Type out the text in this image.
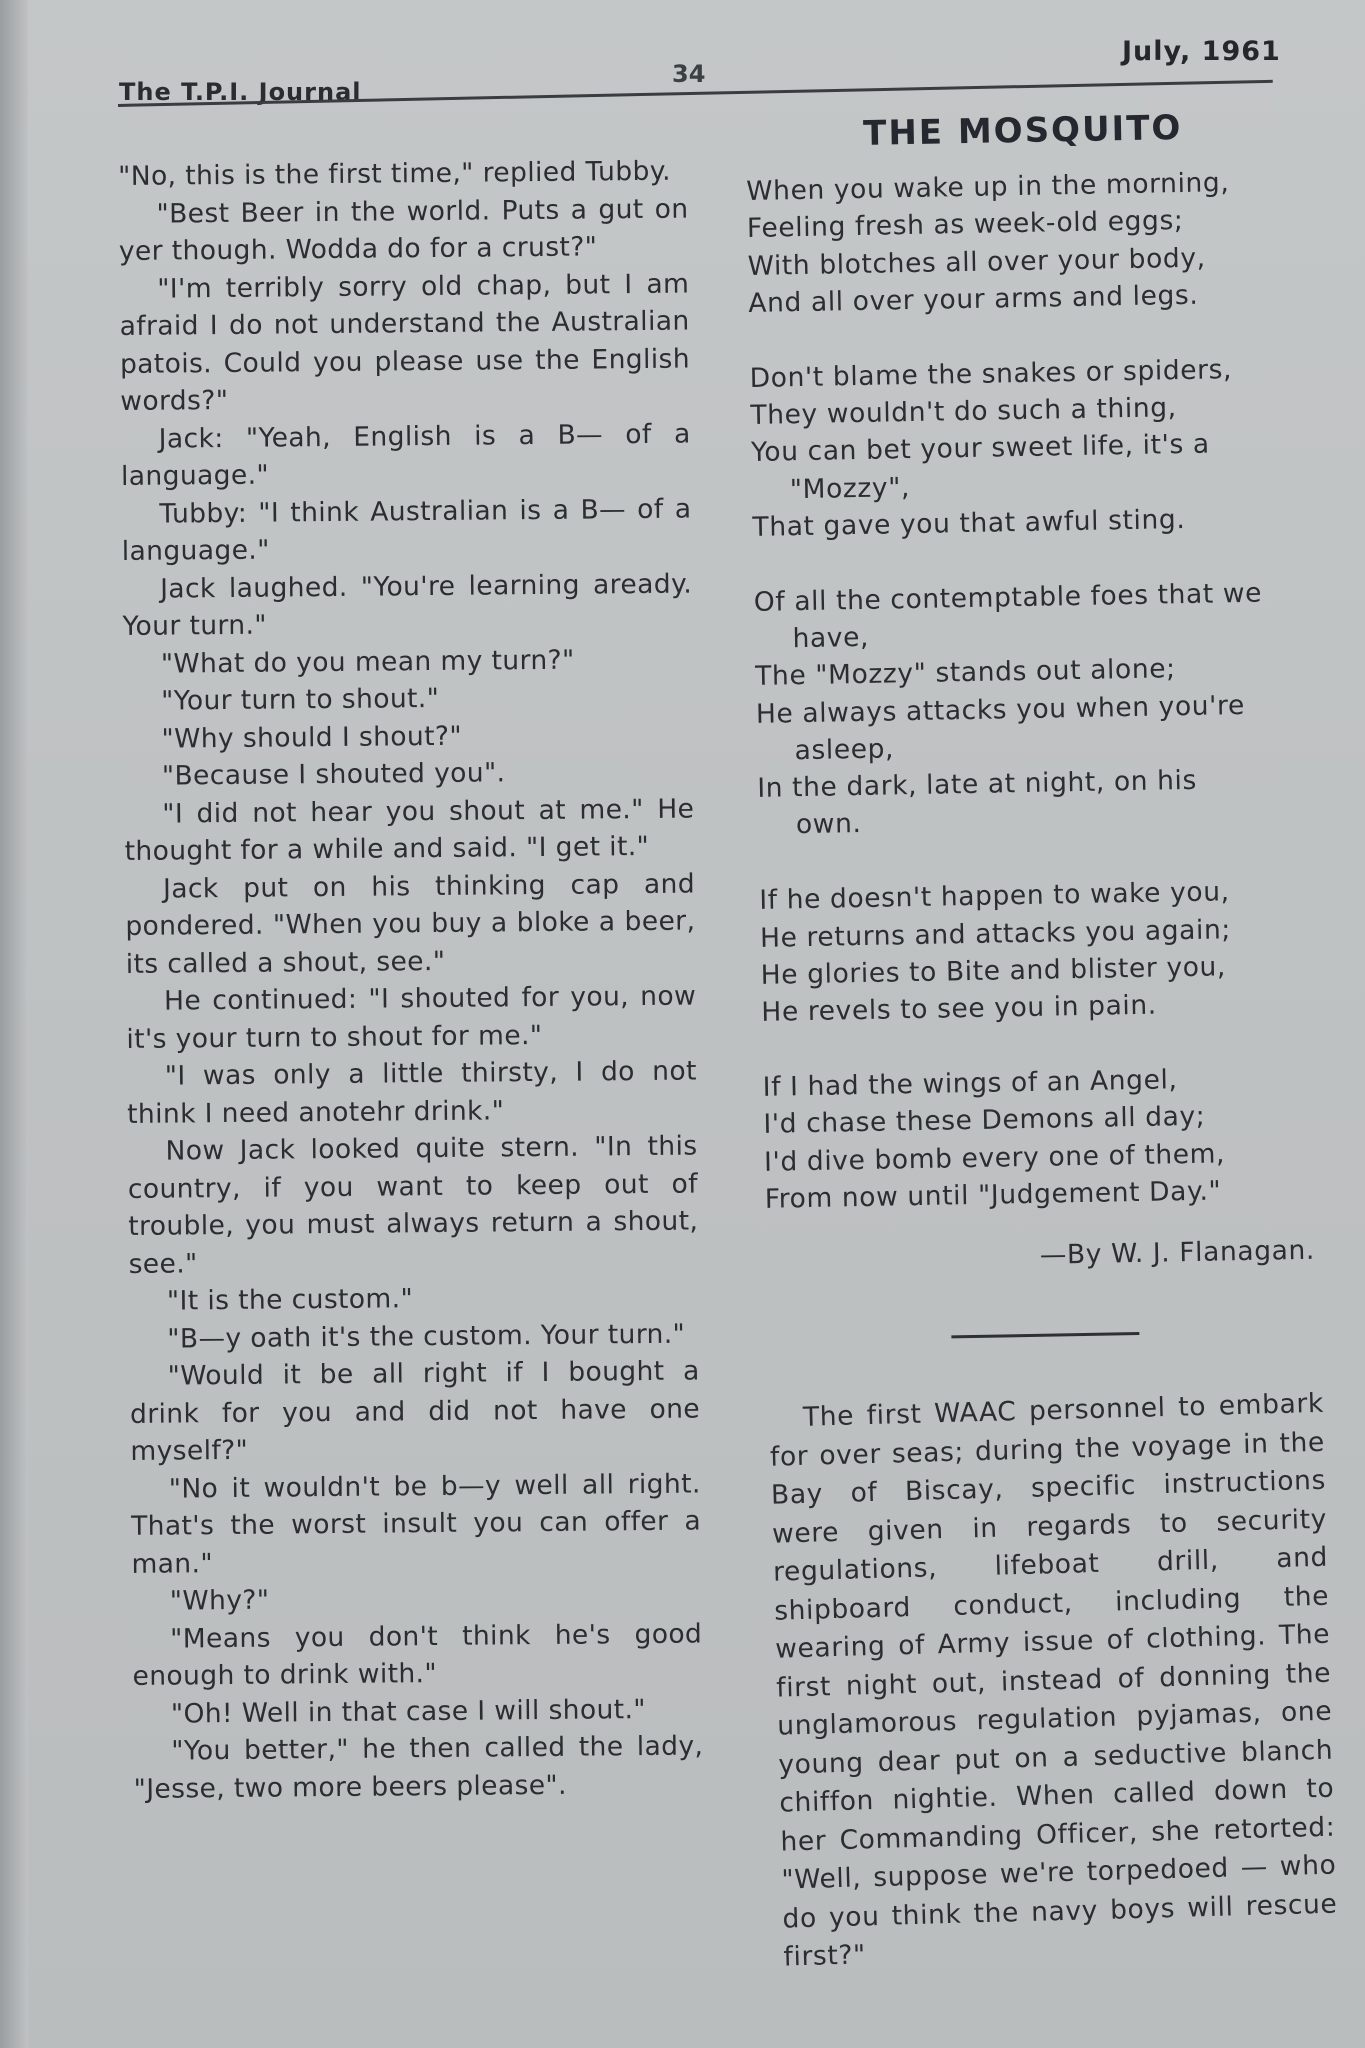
The T.P.I. Journal
34
July, 1961

"No, this is the first time," replied Tubby.

"Best Beer in the world. Puts a gut on yer though. Wodda do for a crust?"

"I'm terribly sorry old chap, but I am afraid I do not understand the Australian patois. Could you please use the English words?"

Jack: "Yeah, English is a B— of a language."

Tubby: "I think Australian is a B— of a language."

Jack laughed. "You're learning aready. Your turn."

"What do you mean my turn?"

"Your turn to shout."

"Why should I shout?"

"Because I shouted you".

"I did not hear you shout at me." He thought for a while and said. "I get it."

Jack put on his thinking cap and pondered. "When you buy a bloke a beer, its called a shout, see."

He continued: "I shouted for you, now it's your turn to shout for me."

"I was only a little thirsty, I do not think I need anotehr drink."

Now Jack looked quite stern. "In this country, if you want to keep out of trouble, you must always return a shout, see."

"It is the custom."

"B—y oath it's the custom. Your turn."

"Would it be all right if I bought a drink for you and did not have one myself?"

"No it wouldn't be b—y well all right. That's the worst insult you can offer a man."

"Why?"

"Means you don't think he's good enough to drink with."

"Oh! Well in that case I will shout."

"You better," he then called the lady, "Jesse, two more beers please".

THE MOSQUITO
When you wake up in the morning,
Feeling fresh as week-old eggs;
With blotches all over your body,
And all over your arms and legs.
Don't blame the snakes or spiders,
They wouldn't do such a thing,
You can bet your sweet life, it's a
"Mozzy",
That gave you that awful sting.
Of all the contemptable foes that we
have,
The "Mozzy" stands out alone;
He always attacks you when you're
asleep,
In the dark, late at night, on his
own.
If he doesn't happen to wake you,
He returns and attacks you again;
He glories to Bite and blister you,
He revels to see you in pain.
If I had the wings of an Angel,
I'd chase these Demons all day;
I'd dive bomb every one of them,
From now until "Judgement Day."
—By W. J. Flanagan.

The first WAAC personnel to embark for over seas; during the voyage in the Bay of Biscay, specific instructions were given in regards to security regulations, lifeboat drill, and shipboard conduct, including the wearing of Army issue of clothing. The first night out, instead of donning the unglamorous regulation pyjamas, one young dear put on a seductive blanch chiffon nightie. When called down to her Commanding Officer, she retorted: "Well, suppose we're torpedoed — who do you think the navy boys will rescue first?"
